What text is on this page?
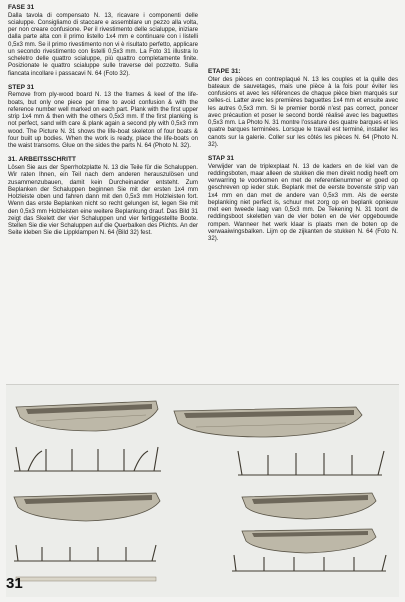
FASE 31

Dalla tavola di compensato N. 13, ricavare i componenti delle scialuppe. Consigliamo di staccare e assemblare un pezzo alla volta, per non creare confusione. Per il rivestimento delle scialuppe, iniziare dalla parte alta con il primo listello 1x4 mm e continuare con i listelli 0,5x3 mm. Se il primo rivestimento non vi è risultato perfetto, applicare un secondo rivestimento con listelli 0,5x3 mm. La Foto 31 illustra lo scheletro delle quattro scialuppe, più quattro completamente finite. Posizionate le quattro scialuppe sulle traverse del pozzetto. Sulla fiancata incollare i passacavi N. 64 (Foto 32).

STEP 31

Remove from ply-wood board N. 13 the frames & keel of the life-boats, but only one piece per time to avoid confusion & with the reference number well marked on each part. Plank with the first upper strip 1x4 mm & then with the others 0,5x3 mm. If the first planking is not perfect, sand with care & plank again a second ply with 0,5x3 mm wood. The Picture N. 31 shows the life-boat skeleton of four boats & four built up bodies. When the work is ready, place the life-boats on the waist transoms. Glue on the sides the parts N. 64 (Photo N. 32).

31. ARBEITSSCHRITT

Lösen Sie aus der Sperrholzplatte N. 13 die Teile für die Schaluppen. Wir raten Ihnen, ein Teil nach dem anderen herauszulösen und zusammenzubauen, damit kein Durcheinander entsteht. Zum Beplanken der Schaluppen beginnen Sie mit der ersten 1x4 mm Holzleiste oben und fahren dann mit den 0,5x3 mm Holzleisten fort. Wenn das erste Beplanken nicht so recht gelungen ist, legen Sie mit den 0,5x3 mm Holzleisten eine weitere Beplankung drauf. Das Bild 31 zeigt das Skelett der vier Schaluppen und vier fertiggestellte Boote. Stellen Sie die vier Schaluppen auf die Querbalken des Plichts. An der Seite kleben Sie die Lippklampen N. 64 (Bild 32) fest.

ETAPE 31:

Oter des pièces en contreplaqué N. 13 les couples et la quille des bateaux de sauvetages, mais une pièce à la fois pour éviter les confusions et avec les références de chaque pièce bien marqués sur celles-ci. Latter avec les premières baguettes 1x4 mm et ensuite avec les autres 0,5x3 mm. Si le premier bordé n'est pas correct, poncer avec précaution et poser le second bordé réalisé avec les baguettes 0,5x3 mm. La Photo N. 31 montre l'ossature des quatre barques et les quatre barques terminées. Lorsque le travail est terminé, installer les canots sur la galerie. Coller sur les côtés les pièces N. 64 (Photo N. 32).

STAP 31

Verwijder van de triplexplaat N. 13 de kaders en de kiel van de reddingsboten, maar alleen de stukken die men direkt nodig heeft om verwarring te voorkomen en met de referentienummer er goed op geschreven op ieder stuk. Beplank met de eerste bovenste strip van 1x4 mm en dan met de andere van 0,5x3 mm. Als de eerste beplanking niet perfect is, schuur met zorg op en beplank opnieuw met een tweede laag van 0,5x3 mm. De Tekening N. 31 toont de reddingsboot skeletten van de vier boten en de vier opgebouwde rompen. Wanneer het werk klaar is plaats men de boten op de verwaaiwingsbalken. Lijm op de zijkanten de stukken N. 64 (Foto N. 32).

31
